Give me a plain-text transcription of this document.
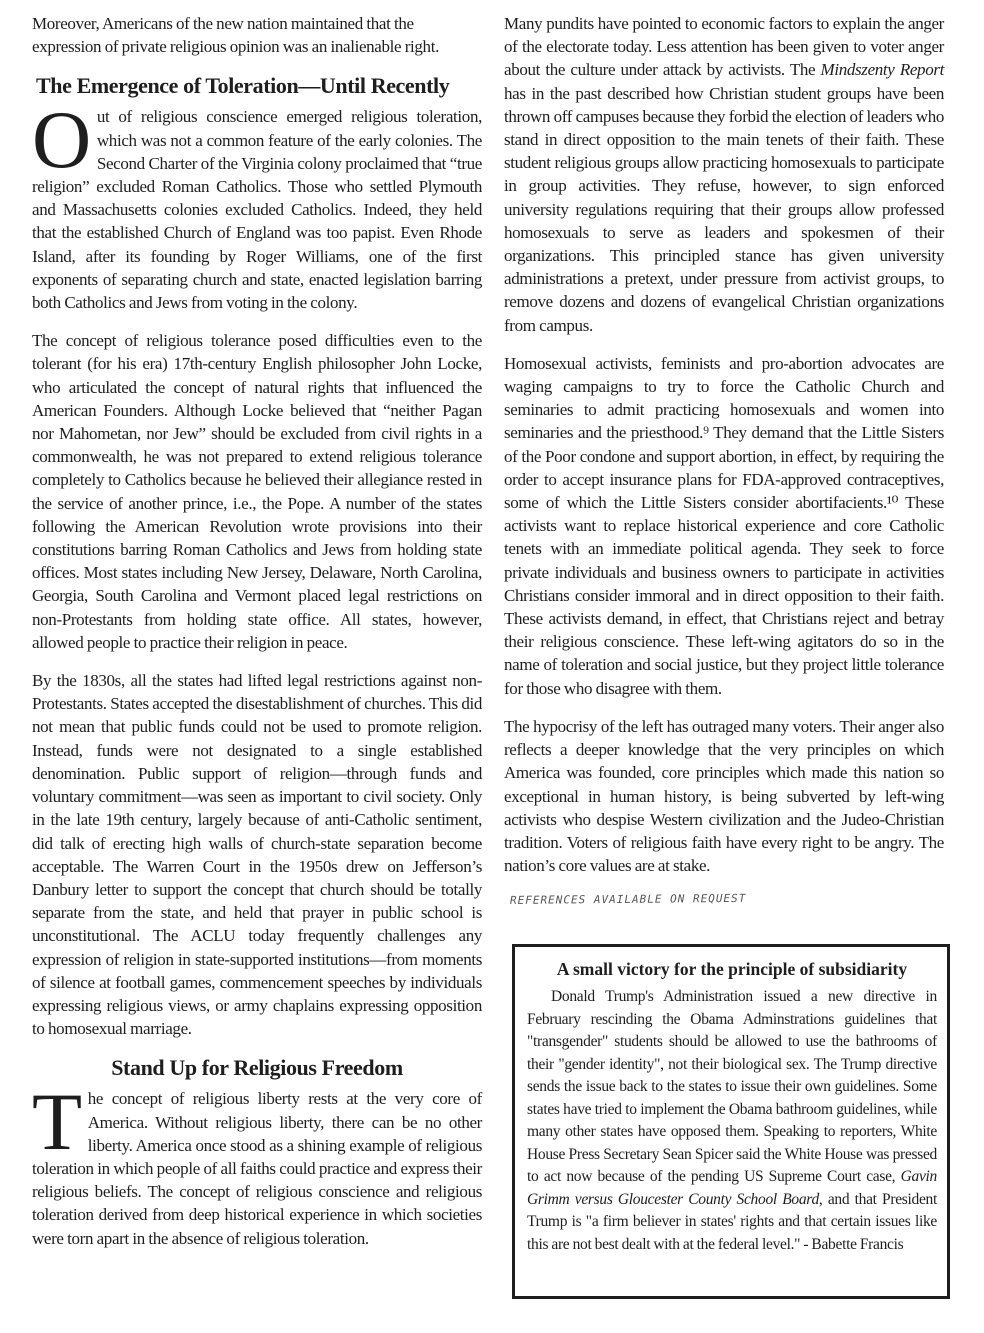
Moreover, Americans of the new nation maintained that the expression of private religious opinion was an inalienable right.

The Emergence of Toleration—Until Recently

Out of religious conscience emerged religious toleration, which was not a common feature of the early colonies. The Second Charter of the Virginia colony proclaimed that “true religion” excluded Roman Catholics. Those who settled Plymouth and Massachusetts colonies excluded Catholics. Indeed, they held that the established Church of England was too papist. Even Rhode Island, after its founding by Roger Williams, one of the first exponents of separating church and state, enacted legislation barring both Catholics and Jews from voting in the colony.

The concept of religious tolerance posed difficulties even to the tolerant (for his era) 17th-century English philosopher John Locke, who articulated the concept of natural rights that influenced the American Founders. Although Locke believed that “neither Pagan nor Mahometan, nor Jew” should be excluded from civil rights in a commonwealth, he was not prepared to extend religious tolerance completely to Catholics because he believed their allegiance rested in the service of another prince, i.e., the Pope. A number of the states following the American Revolution wrote provisions into their constitutions barring Roman Catholics and Jews from holding state offices. Most states including New Jersey, Delaware, North Carolina, Georgia, South Carolina and Vermont placed legal restrictions on non-Protestants from holding state office. All states, however, allowed people to practice their religion in peace.

By the 1830s, all the states had lifted legal restrictions against non-Protestants. States accepted the disestablishment of churches. This did not mean that public funds could not be used to promote religion. Instead, funds were not designated to a single established denomination. Public support of religion—through funds and voluntary commitment—was seen as important to civil society. Only in the late 19th century, largely because of anti-Catholic sentiment, did talk of erecting high walls of church-state separation become acceptable. The Warren Court in the 1950s drew on Jefferson’s Danbury letter to support the concept that church should be totally separate from the state, and held that prayer in public school is unconstitutional. The ACLU today frequently challenges any expression of religion in state-supported institutions—from moments of silence at football games, commencement speeches by individuals expressing religious views, or army chaplains expressing opposition to homosexual marriage.

Stand Up for Religious Freedom

The concept of religious liberty rests at the very core of America. Without religious liberty, there can be no other liberty. America once stood as a shining example of religious toleration in which people of all faiths could practice and express their religious beliefs. The concept of religious conscience and religious toleration derived from deep historical experience in which societies were torn apart in the absence of religious toleration.

Many pundits have pointed to economic factors to explain the anger of the electorate today. Less attention has been given to voter anger about the culture under attack by activists. The Mindszenty Report has in the past described how Christian student groups have been thrown off campuses because they forbid the election of leaders who stand in direct opposition to the main tenets of their faith. These student religious groups allow practicing homosexuals to participate in group activities. They refuse, however, to sign enforced university regulations requiring that their groups allow professed homosexuals to serve as leaders and spokesmen of their organizations. This principled stance has given university administrations a pretext, under pressure from activist groups, to remove dozens and dozens of evangelical Christian organizations from campus.

Homosexual activists, feminists and pro-abortion advocates are waging campaigns to try to force the Catholic Church and seminaries to admit practicing homosexuals and women into seminaries and the priesthood.⁹ They demand that the Little Sisters of the Poor condone and support abortion, in effect, by requiring the order to accept insurance plans for FDA-approved contraceptives, some of which the Little Sisters consider abortifacients.¹⁰ These activists want to replace historical experience and core Catholic tenets with an immediate political agenda. They seek to force private individuals and business owners to participate in activities Christians consider immoral and in direct opposition to their faith. These activists demand, in effect, that Christians reject and betray their religious conscience. These left-wing agitators do so in the name of toleration and social justice, but they project little tolerance for those who disagree with them.

The hypocrisy of the left has outraged many voters. Their anger also reflects a deeper knowledge that the very principles on which America was founded, core principles which made this nation so exceptional in human history, is being subverted by left-wing activists who despise Western civilization and the Judeo-Christian tradition. Voters of religious faith have every right to be angry. The nation’s core values are at stake.

REFERENCES AVAILABLE ON REQUEST
A small victory for the principle of subsidiarity

Donald Trump's Administration issued a new directive in February rescinding the Obama Adminstrations guidelines that "transgender" students should be allowed to use the bathrooms of their "gender identity", not their biological sex. The Trump directive sends the issue back to the states to issue their own guidelines. Some states have tried to implement the Obama bathroom guidelines, while many other states have opposed them. Speaking to reporters, White House Press Secretary Sean Spicer said the White House was pressed to act now because of the pending US Supreme Court case, Gavin Grimm versus Gloucester County School Board, and that President Trump is "a firm believer in states' rights and that certain issues like this are not best dealt with at the federal level." - Babette Francis
